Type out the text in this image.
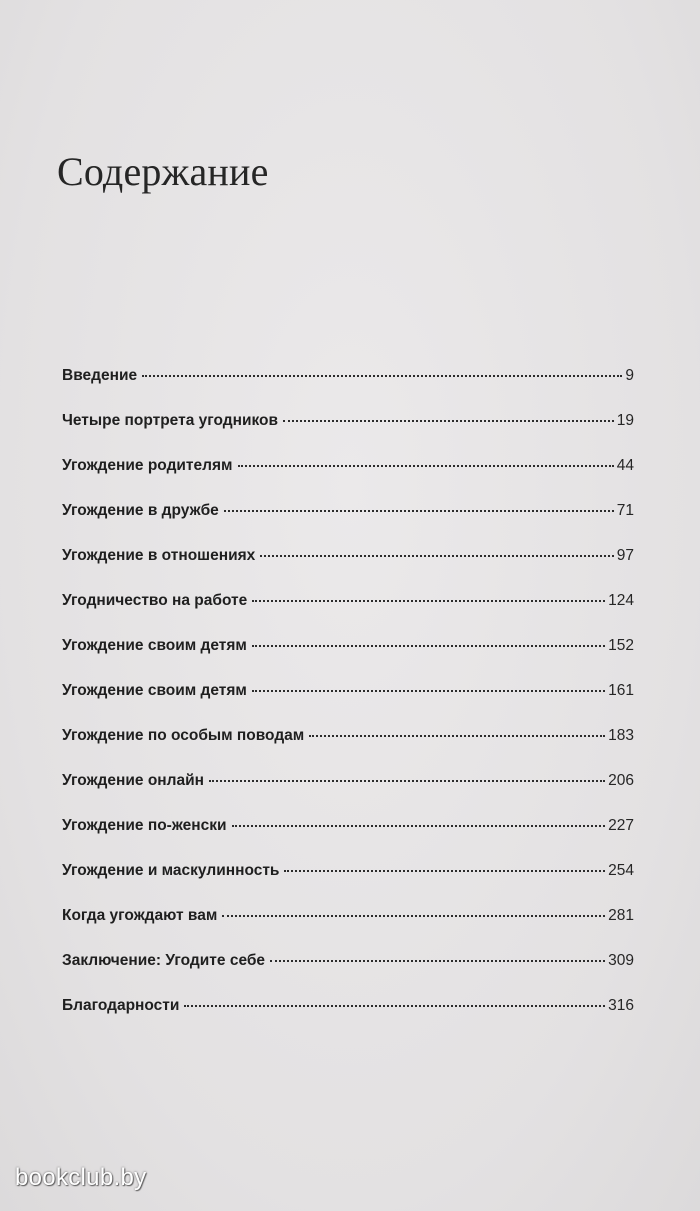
Содержание
Введение	9
Четыре портрета угодников	19
Угождение родителям	44
Угождение в дружбе	71
Угождение в отношениях	97
Угодничество на работе	124
Угождение своим детям	152
Угождение своим детям	161
Угождение по особым поводам	183
Угождение онлайн	206
Угождение по-женски	227
Угождение и маскулинность	254
Когда угождают вам	281
Заключение: Угодите себе	309
Благодарности	316
bookclub.by
